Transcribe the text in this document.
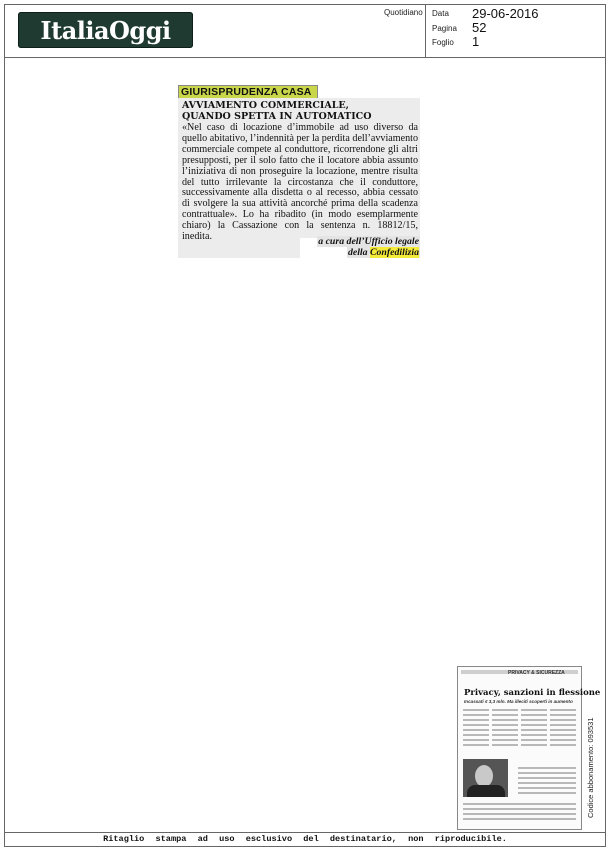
ItaliaOggi
Quotidiano Data 29-06-2016
Pagina 52
Foglio 1
GIURISPRUDENZA CASA
AVVIAMENTO COMMERCIALE,
QUANDO SPETTA IN AUTOMATICO
«Nel caso di locazione d’immobile ad uso diverso da quello abitativo, l’indennità per la perdita dell’avviamento commerciale compete al conduttore, ricorrendone gli altri presupposti, per il solo fatto che il locatore abbia assunto l’iniziativa di non proseguire la locazione, mentre risulta del tutto irrilevante la circostanza che il conduttore, successivamente alla disdetta o al recesso, abbia cessato di svolgere la sua attività ancorché prima della scadenza contrattuale». Lo ha ribadito (in modo esemplarmente chiaro) la Cassazione con la sentenza n. 18812/15, inedita.	a cura dell’Ufficio legale
della Confedilizia
PRIVACY & SICUREZZA
Privacy, sanzioni in flessione
Incassati € 3,3 mln. Ma illeciti scoperti in aumento
Codice abbonamento: 093531
Ritaglio stampa ad uso esclusivo del destinatario, non riproducibile.
